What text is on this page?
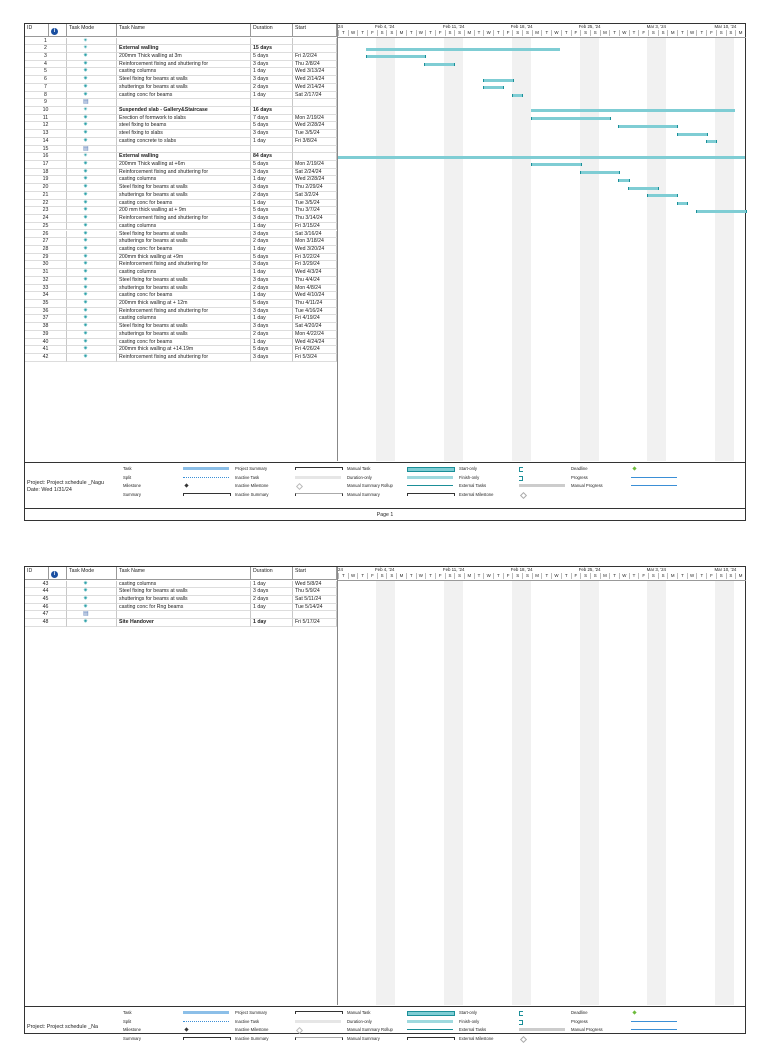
ID	i	Task Mode	Task Name	Duration	Start	24	Feb 4, '24	Feb 11, '24	Feb 18, '24	Feb 25, '24	Mar 3, '24	Mar 10, '24
T W T F S S M T W T F S S M T W T F S S M T W T F S S M T W T F S S M T W T F S S M
1	✴
2	✴	External walling	15 days
3	✷	200mm Thick walling at 3m	5 days	Fri 2/2/24
4	✷	Reinforcement fixing and shuttering for	3 days	Thu 2/8/24
5	✷	casting columns	1 day	Wed 3/13/24
6	✷	Steel fixing for beams at walls	3 days	Wed 2/14/24
7	✷	shutterings for beams at walls	2 days	Wed 2/14/24
8	✷	casting conc for beams	1 day	Sat 2/17/24
9	▤
10	✴	Suspended slab - Gallery&Staircase	16 days
11	✷	Erection of formwork to slabs	7 days	Mon 2/19/24
12	✷	steel fixing to beams	5 days	Wed 2/28/24
13	✷	steel fixing to slabs	3 days	Tue 3/5/24
14	✷	casting concrete to slabs	1 day	Fri 3/8/24
15	▤
16	✴	External walling	84 days
17	✷	200mm Thick walling at +6m	5 days	Mon 2/19/24
18	✷	Reinforcement fixing and shuttering for	3 days	Sat 2/24/24
19	✷	casting columns	1 day	Wed 2/28/24
20	✷	Steel fixing for beams at walls	3 days	Thu 2/29/24
21	✷	shutterings for beams at walls	2 days	Sat 3/2/24
22	✷	casting conc for beams	1 day	Tue 3/5/24
23	✷	200 mm thick walling at + 9m	5 days	Thu 3/7/24
24	✷	Reinforcement fixing and shuttering for	3 days	Thu 3/14/24
25	✷	casting columns	1 day	Fri 3/15/24
26	✷	Steel fixing for beams at walls	3 days	Sat 3/16/24
27	✷	shutterings for beams at walls	2 days	Mon 3/18/24
28	✷	casting conc for beams	1 day	Wed 3/20/24
29	✷	200mm thick walling at +9m	5 days	Fri 3/22/24
30	✷	Reinforcement fixing and shuttering for	3 days	Fri 3/29/24
31	✷	casting columns	1 day	Wed 4/3/24
32	✷	Steel fixing for beams at walls	3 days	Thu 4/4/24
33	✷	shutterings for beams at walls	2 days	Mon 4/8/24
34	✷	casting conc for beams	1 day	Wed 4/10/24
35	✷	200mm thick walling at + 12m	5 days	Thu 4/11/24
36	✷	Reinforcement fixing and shuttering for	3 days	Tue 4/16/24
37	✷	casting columns	1 day	Fri 4/19/24
38	✷	Steel fixing for beams at walls	3 days	Sat 4/20/24
39	✷	shutterings for beams at walls	2 days	Mon 4/22/24
40	✷	casting conc for beams	1 day	Wed 4/24/24
41	✷	200mm thick walling at +14.19m	5 days	Fri 4/26/24
42	✷	Reinforcement fixing and shuttering for	3 days	Fri 5/3/24
Project: Project schedule _Nagu
Date: Wed 1/31/24
Task
Split
Milestone
Summary
Project Summary
Inactive Task
Inactive Milestone
Inactive Summary
Manual Task
Duration-only
Manual Summary Rollup
Manual Summary
Start-only
Finish-only
External Tasks
External Milestone
Deadline
Progress
Manual Progress
Page 1
ID	i	Task Mode	Task Name	Duration	Start	24	Feb 4, '24	Feb 11, '24	Feb 18, '24	Feb 25, '24	Mar 3, '24	Mar 10, '24
T W T F S S M T W T F S S M T W T F S S M T W T F S S M T W T F S S M T W T F S S M
43	✷	casting columns	1 day	Wed 5/8/24
44	✷	Steel fixing for beams at walls	3 days	Thu 5/9/24
45	✷	shutterings for beams at walls	2 days	Sat 5/11/24
46	✷	casting conc for Rng beams	1 day	Tue 5/14/24
47	▤
48	✷	Site Handover	1 day	Fri 5/17/24
Project: Project schedule _Na
Task
Split
Milestone
Summary
Project Summary
Inactive Task
Inactive Milestone
Inactive Summary
Manual Task
Duration-only
Manual Summary Rollup
Manual Summary
Start-only
Finish-only
External Tasks
External Milestone
Deadline
Progress
Manual Progress
